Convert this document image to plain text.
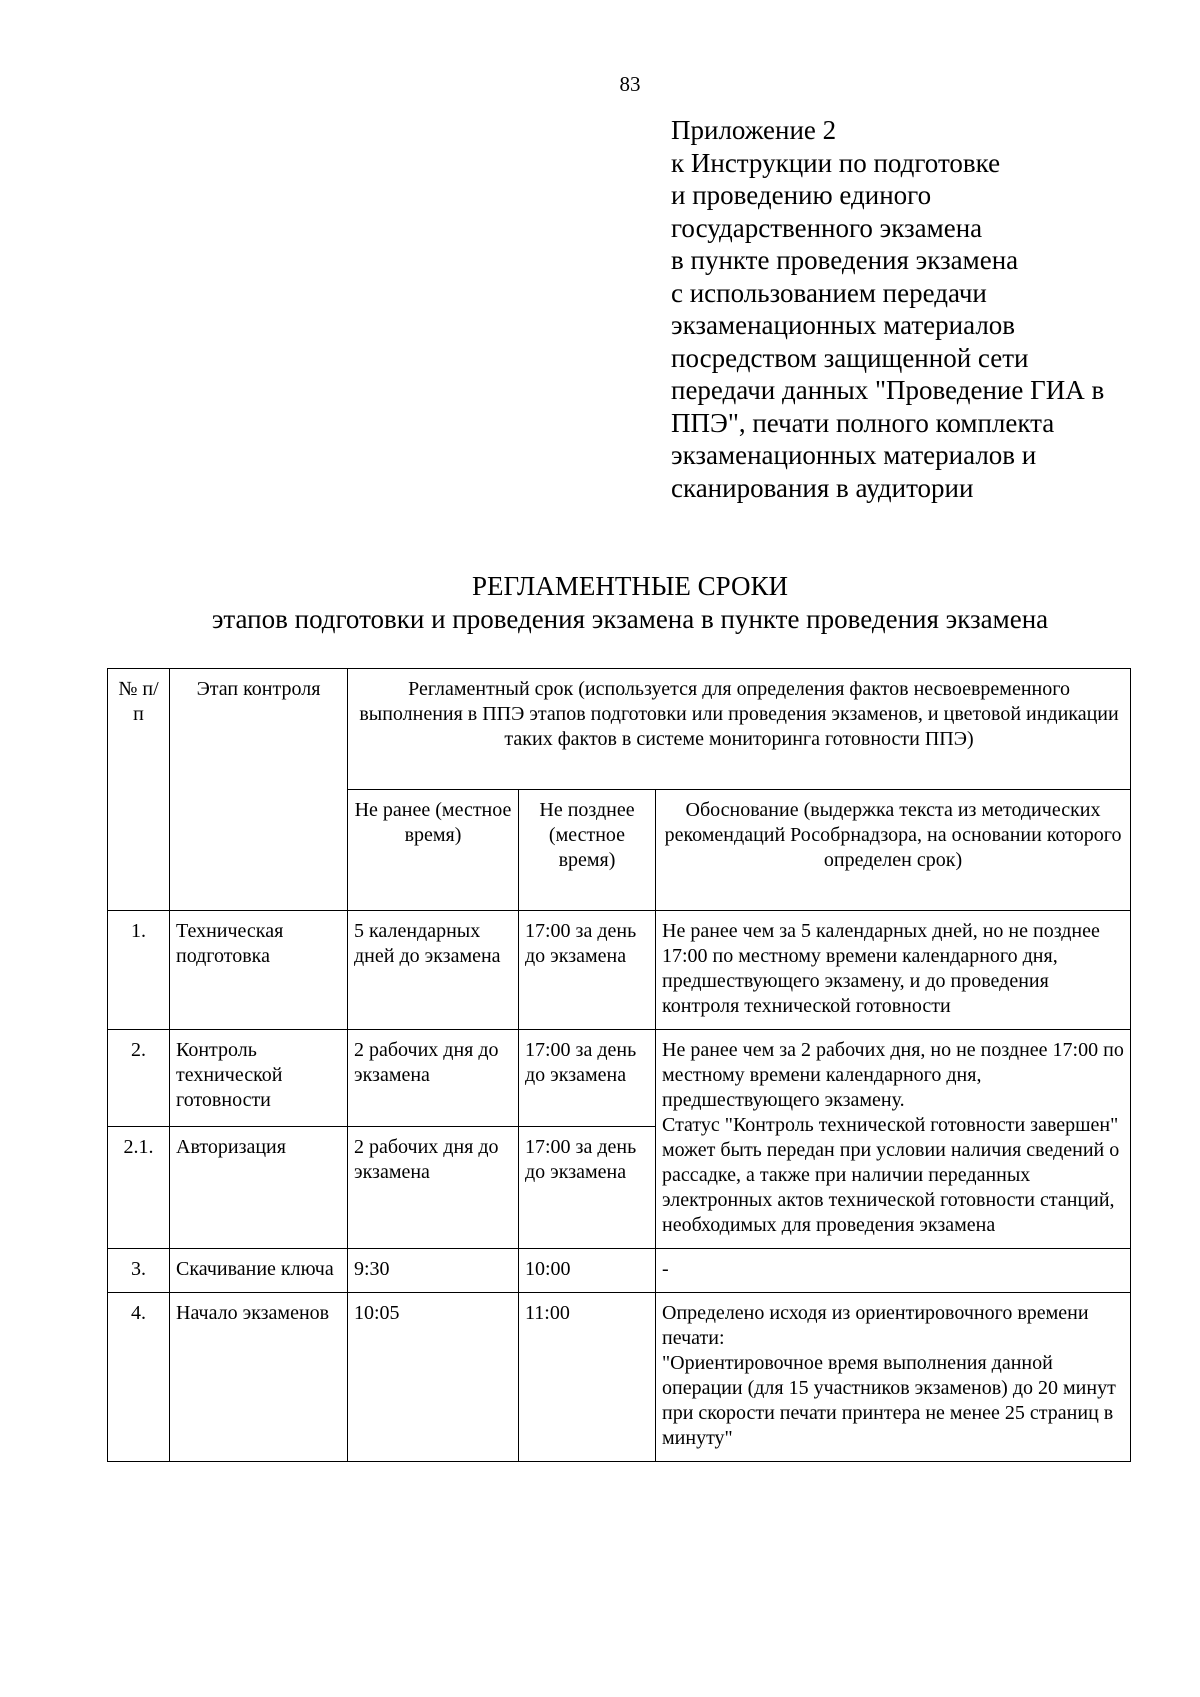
83
Приложение 2
к Инструкции по подготовке
и проведению единого
государственного экзамена
в пункте проведения экзамена
с использованием передачи
экзаменационных материалов
посредством защищенной сети
передачи данных "Проведение ГИА в
ППЭ", печати полного комплекта
экзаменационных материалов и
сканирования в аудитории
РЕГЛАМЕНТНЫЕ СРОКИ
этапов подготовки и проведения экзамена в пункте проведения экзамена
№ п/п	Этап контроля	Регламентный срок (используется для определения фактов несвоевременного выполнения в ППЭ этапов подготовки или проведения экзаменов, и цветовой индикации таких фактов в системе мониторинга готовности ППЭ)		
		Не ранее (местное время)	Не позднее (местное время)	Обоснование (выдержка текста из методических рекомендаций Рособрнадзора, на основании которого определен срок)
1.	Техническая подготовка	5 календарных дней до экзамена	17:00 за день до экзамена	Не ранее чем за 5 календарных дней, но не позднее 17:00 по местному времени календарного дня, предшествующего экзамену, и до проведения контроля технической готовности
2.	Контроль технической готовности	2 рабочих дня до экзамена	17:00 за день до экзамена	Не ранее чем за 2 рабочих дня, но не позднее 17:00 по местному времени календарного дня, предшествующего экзамену.
Статус "Контроль технической готовности завершен" может быть передан при условии наличия сведений о рассадке, а также при наличии переданных электронных актов технической готовности станций, необходимых для проведения экзамена

2.1.	Авторизация	2 рабочих дня до экзамена	17:00 за день до экзамена	
3.	Скачивание ключа	9:30	10:00	-
4.	Начало экзаменов	10:05	11:00	Определено исходя из ориентировочного времени печати:
"Ориентировочное время выполнения данной операции (для 15 участников экзаменов) до 20 минут при скорости печати принтера не менее 25 страниц в минуту"
